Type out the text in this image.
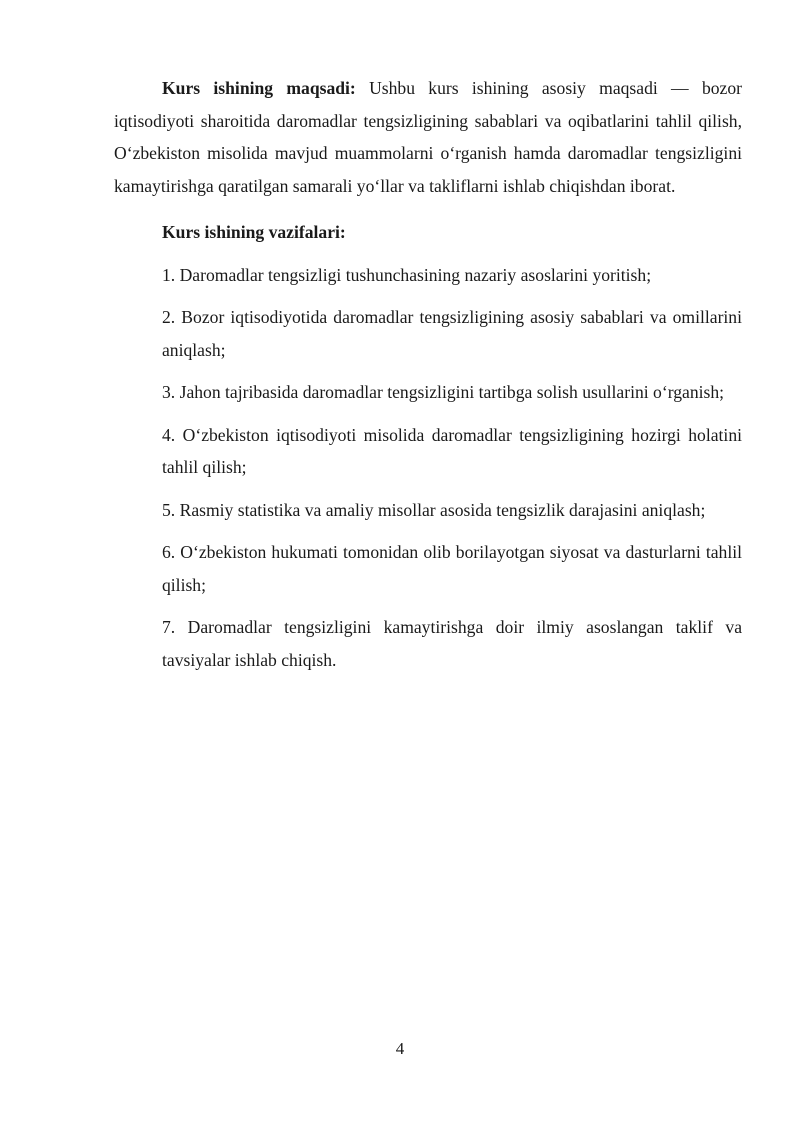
Kurs ishining maqsadi: Ushbu kurs ishining asosiy maqsadi — bozor iqtisodiyoti sharoitida daromadlar tengsizligining sabablari va oqibatlarini tahlil qilish, O‘zbekiston misolida mavjud muammolarni o‘rganish hamda daromadlar tengsizligini kamaytirishga qaratilgan samarali yo‘llar va takliflarni ishlab chiqishdan iborat.

Kurs ishining vazifalari:

1. Daromadlar tengsizligi tushunchasining nazariy asoslarini yoritish;
2. Bozor iqtisodiyotida daromadlar tengsizligining asosiy sabablari va omillarini aniqlash;
3. Jahon tajribasida daromadlar tengsizligini tartibga solish usullarini o‘rganish;
4. O‘zbekiston iqtisodiyoti misolida daromadlar tengsizligining hozirgi holatini tahlil qilish;
5. Rasmiy statistika va amaliy misollar asosida tengsizlik darajasini aniqlash;
6. O‘zbekiston hukumati tomonidan olib borilayotgan siyosat va dasturlarni tahlil qilish;
7. Daromadlar tengsizligini kamaytirishga doir ilmiy asoslangan taklif va tavsiyalar ishlab chiqish.
4
